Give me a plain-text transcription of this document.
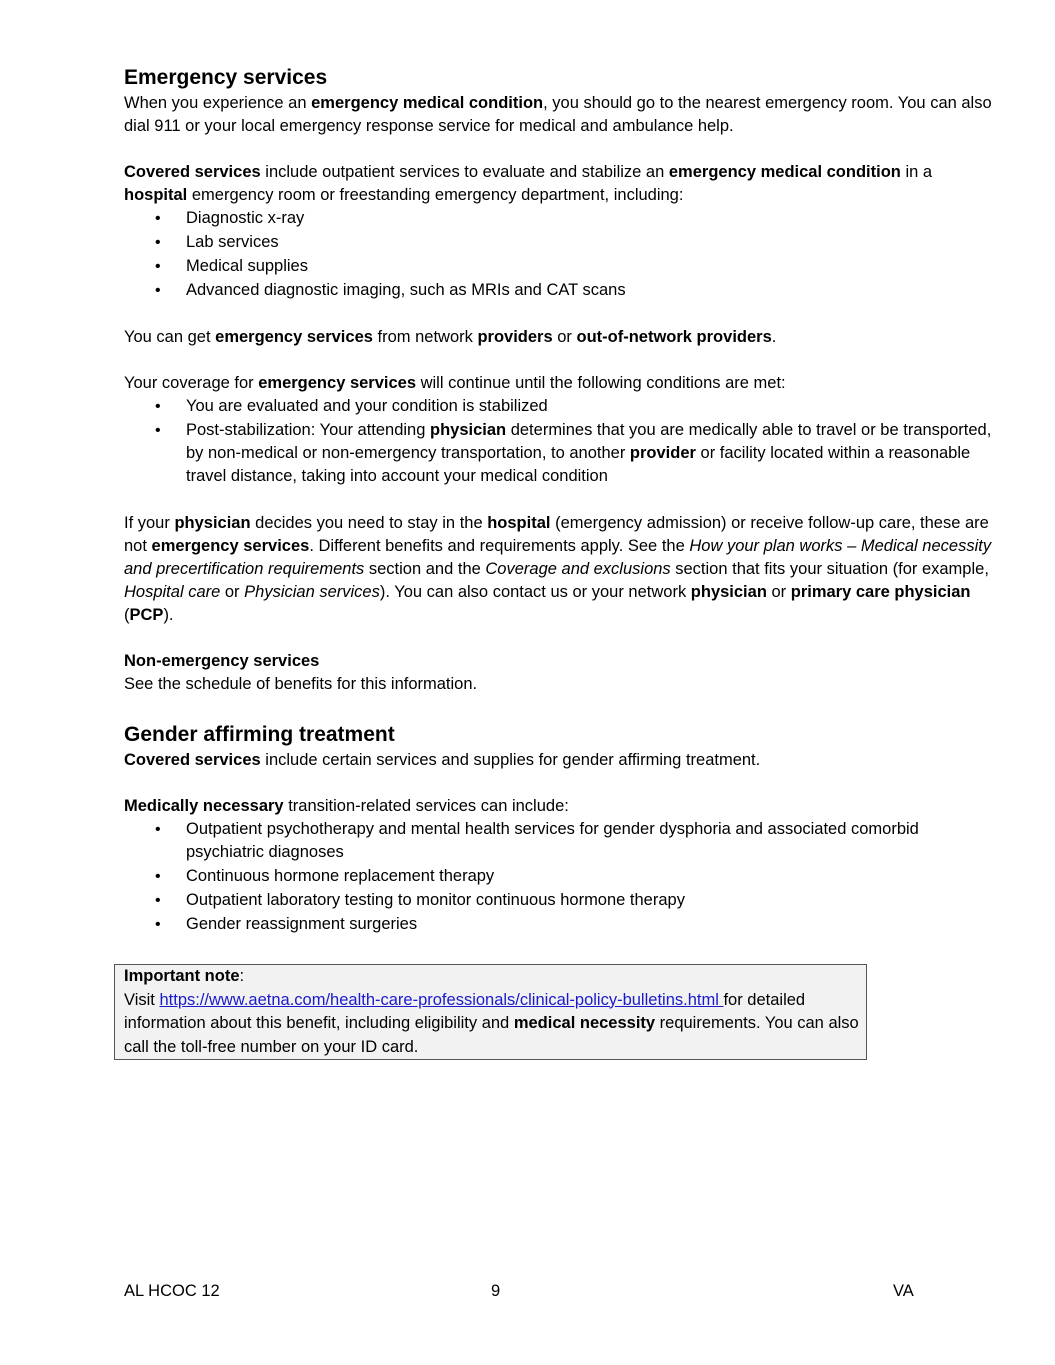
Emergency services

When you experience an emergency medical condition, you should go to the nearest emergency room. You can also dial 911 or your local emergency response service for medical and ambulance help.

Covered services include outpatient services to evaluate and stabilize an emergency medical condition in a hospital emergency room or freestanding emergency department, including:

• Diagnostic x-ray
• Lab services
• Medical supplies
• Advanced diagnostic imaging, such as MRIs and CAT scans

You can get emergency services from network providers or out-of-network providers.

Your coverage for emergency services will continue until the following conditions are met:

• You are evaluated and your condition is stabilized
• Post-stabilization: Your attending physician determines that you are medically able to travel or be transported, by non-medical or non-emergency transportation, to another provider or facility located within a reasonable travel distance, taking into account your medical condition

If your physician decides you need to stay in the hospital (emergency admission) or receive follow-up care, these are not emergency services. Different benefits and requirements apply. See the How your plan works – Medical necessity and precertification requirements section and the Coverage and exclusions section that fits your situation (for example, Hospital care or Physician services). You can also contact us or your network physician or primary care physician (PCP).

Non-emergency services

See the schedule of benefits for this information.

Gender affirming treatment

Covered services include certain services and supplies for gender affirming treatment.

Medically necessary transition-related services can include:

• Outpatient psychotherapy and mental health services for gender dysphoria and associated comorbid psychiatric diagnoses
• Continuous hormone replacement therapy
• Outpatient laboratory testing to monitor continuous hormone therapy
• Gender reassignment surgeries

Important note:

Visit https://www.aetna.com/health-care-professionals/clinical-policy-bulletins.html for detailed information about this benefit, including eligibility and medical necessity requirements. You can also call the toll-free number on your ID card.

AL HCOC 12	9	VA
